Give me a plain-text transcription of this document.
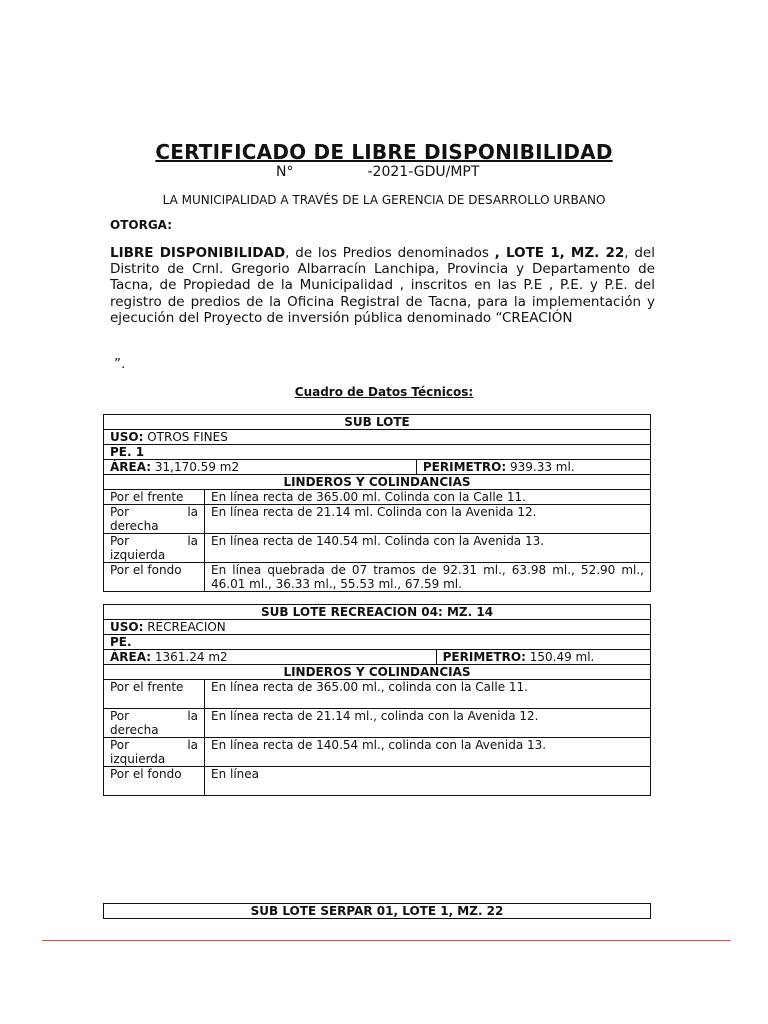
CERTIFICADO DE LIBRE DISPONIBILIDAD
N°	-2021-GDU/MPT
LA MUNICIPALIDAD A TRAVÉS DE LA GERENCIA DE DESARROLLO URBANO
OTORGA:
LIBRE DISPONIBILIDAD, de los Predios denominados , LOTE 1, MZ. 22, del Distrito de Crnl. Gregorio Albarracín Lanchipa, Provincia y Departamento de Tacna, de Propiedad de la Municipalidad , inscritos en las P.E , P.E. y P.E. del registro de predios de la Oficina Registral de Tacna, para la implementación y ejecución del Proyecto de inversión pública denominado “CREACIÓN
”.
Cuadro de Datos Técnicos:
SUB LOTE		
USO: OTROS FINES		
PE. 1		
ÁREA: 31,170.59 m2		PERIMETRO: 939.33 ml.
LINDEROS Y COLINDANCIAS		
Por el frente	En línea recta de 365.00 ml. Colinda con la Calle 11.	

Por la
derecha	En línea recta de 21.14 ml. Colinda con la Avenida 12.	

Por la
izquierda	En línea recta de 140.54 ml. Colinda con la Avenida 13.	
Por el fondo	En línea quebrada de 07 tramos de 92.31 ml., 63.98 ml., 52.90 ml., 46.01 ml., 36.33 ml., 55.53 ml., 67.59 ml.	
SUB LOTE RECREACION 04: MZ. 14		
USO: RECREACION		
PE.		
ÁREA: 1361.24 m2		PERIMETRO: 150.49 ml.
LINDEROS Y COLINDANCIAS		
Por el frente	En línea recta de 365.00 ml., colinda con la Calle 11.	

Por la
derecha	En línea recta de 21.14 ml., colinda con la Avenida 12.	

Por la
izquierda	En línea recta de 140.54 ml., colinda con la Avenida 13.	
Por el fondo	En línea	
SUB LOTE SERPAR 01, LOTE 1, MZ. 22
